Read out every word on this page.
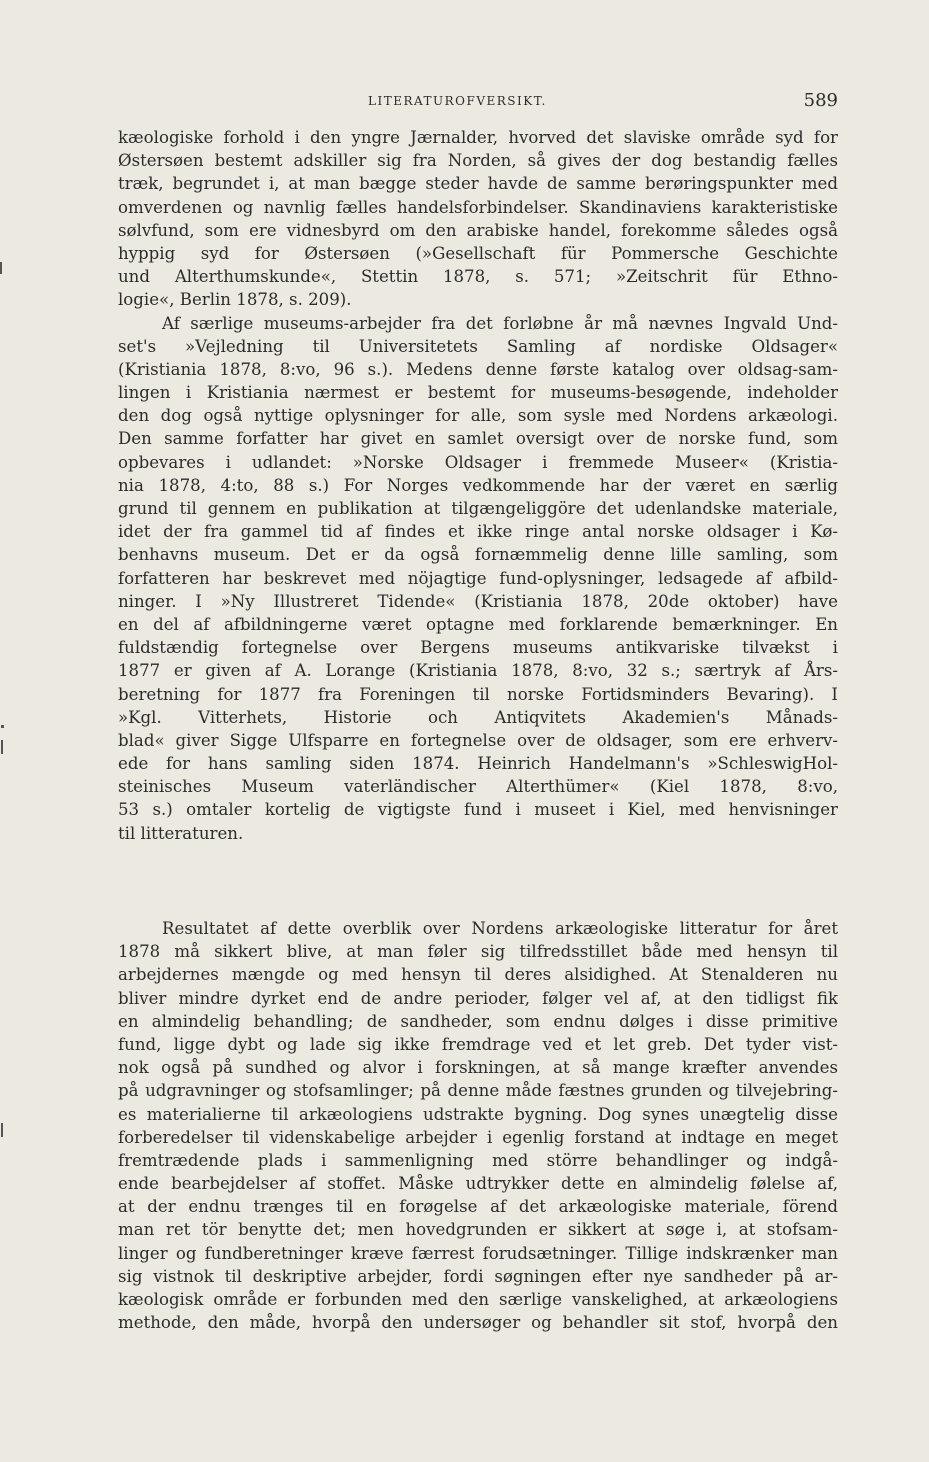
LITERATUROFVERSIKT.	589
kæologiske forhold i den yngre Jærnalder, hvorved det slaviske område syd for
Østersøen bestemt adskiller sig fra Norden, så gives der dog bestandig fælles
træk, begrundet i, at man bægge steder havde de samme berøringspunkter med
omverdenen og navnlig fælles handelsforbindelser. Skandinaviens karakteristiske
sølvfund, som ere vidnesbyrd om den arabiske handel, forekomme således også
hyppig syd for Østersøen (»Gesellschaft für Pommersche Geschichte
und Alterthumskunde«, Stettin 1878, s. 571; »Zeitschrit für Ethno-
logie«, Berlin 1878, s. 209).
Af særlige museums-arbejder fra det forløbne år må nævnes Ingvald Und-
set's »Vejledning til Universitetets Samling af nordiske Oldsager«
(Kristiania 1878, 8:vo, 96 s.). Medens denne første katalog over oldsag-sam-
lingen i Kristiania nærmest er bestemt for museums-besøgende, indeholder
den dog også nyttige oplysninger for alle, som sysle med Nordens arkæologi.
Den samme forfatter har givet en samlet oversigt over de norske fund, som
opbevares i udlandet: »Norske Oldsager i fremmede Museer« (Kristia-
nia 1878, 4:to, 88 s.) For Norges vedkommende har der været en særlig
grund til gennem en publikation at tilgængeliggöre det udenlandske materiale,
idet der fra gammel tid af findes et ikke ringe antal norske oldsager i Kø-
benhavns museum. Det er da også fornæmmelig denne lille samling, som
forfatteren har beskrevet med nöjagtige fund-oplysninger, ledsagede af afbild-
ninger. I »Ny Illustreret Tidende« (Kristiania 1878, 20de oktober) have
en del af afbildningerne været optagne med forklarende bemærkninger. En
fuldstændig fortegnelse over Bergens museums antikvariske tilvækst i
1877 er given af A. Lorange (Kristiania 1878, 8:vo, 32 s.; særtryk af Års-
beretning for 1877 fra Foreningen til norske Fortidsminders Bevaring). I
»Kgl. Vitterhets, Historie och Antiqvitets Akademien's Månads-
blad« giver Sigge Ulfsparre en fortegnelse over de oldsager, som ere erhverv-
ede for hans samling siden 1874. Heinrich Handelmann's »SchleswigHol-
steinisches Museum vaterländischer Alterthümer« (Kiel 1878, 8:vo,
53 s.) omtaler kortelig de vigtigste fund i museet i Kiel, med henvisninger
til litteraturen.
Resultatet af dette overblik over Nordens arkæologiske litteratur for året
1878 må sikkert blive, at man føler sig tilfredsstillet både med hensyn til
arbejdernes mængde og med hensyn til deres alsidighed. At Stenalderen nu
bliver mindre dyrket end de andre perioder, følger vel af, at den tidligst fik
en almindelig behandling; de sandheder, som endnu dølges i disse primitive
fund, ligge dybt og lade sig ikke fremdrage ved et let greb. Det tyder vist-
nok også på sundhed og alvor i forskningen, at så mange kræfter anvendes
på udgravninger og stofsamlinger; på denne måde fæstnes grunden og tilvejebring-
es materialierne til arkæologiens udstrakte bygning. Dog synes unægtelig disse
forberedelser til videnskabelige arbejder i egenlig forstand at indtage en meget
fremtrædende plads i sammenligning med större behandlinger og indgå-
ende bearbejdelser af stoffet. Måske udtrykker dette en almindelig følelse af,
at der endnu trænges til en forøgelse af det arkæologiske materiale, förend
man ret tör benytte det; men hovedgrunden er sikkert at søge i, at stofsam-
linger og fundberetninger kræve færrest forudsætninger. Tillige indskrænker man
sig vistnok til deskriptive arbejder, fordi søgningen efter nye sandheder på ar-
kæologisk område er forbunden med den særlige vanskelighed, at arkæologiens
methode, den måde, hvorpå den undersøger og behandler sit stof, hvorpå den
